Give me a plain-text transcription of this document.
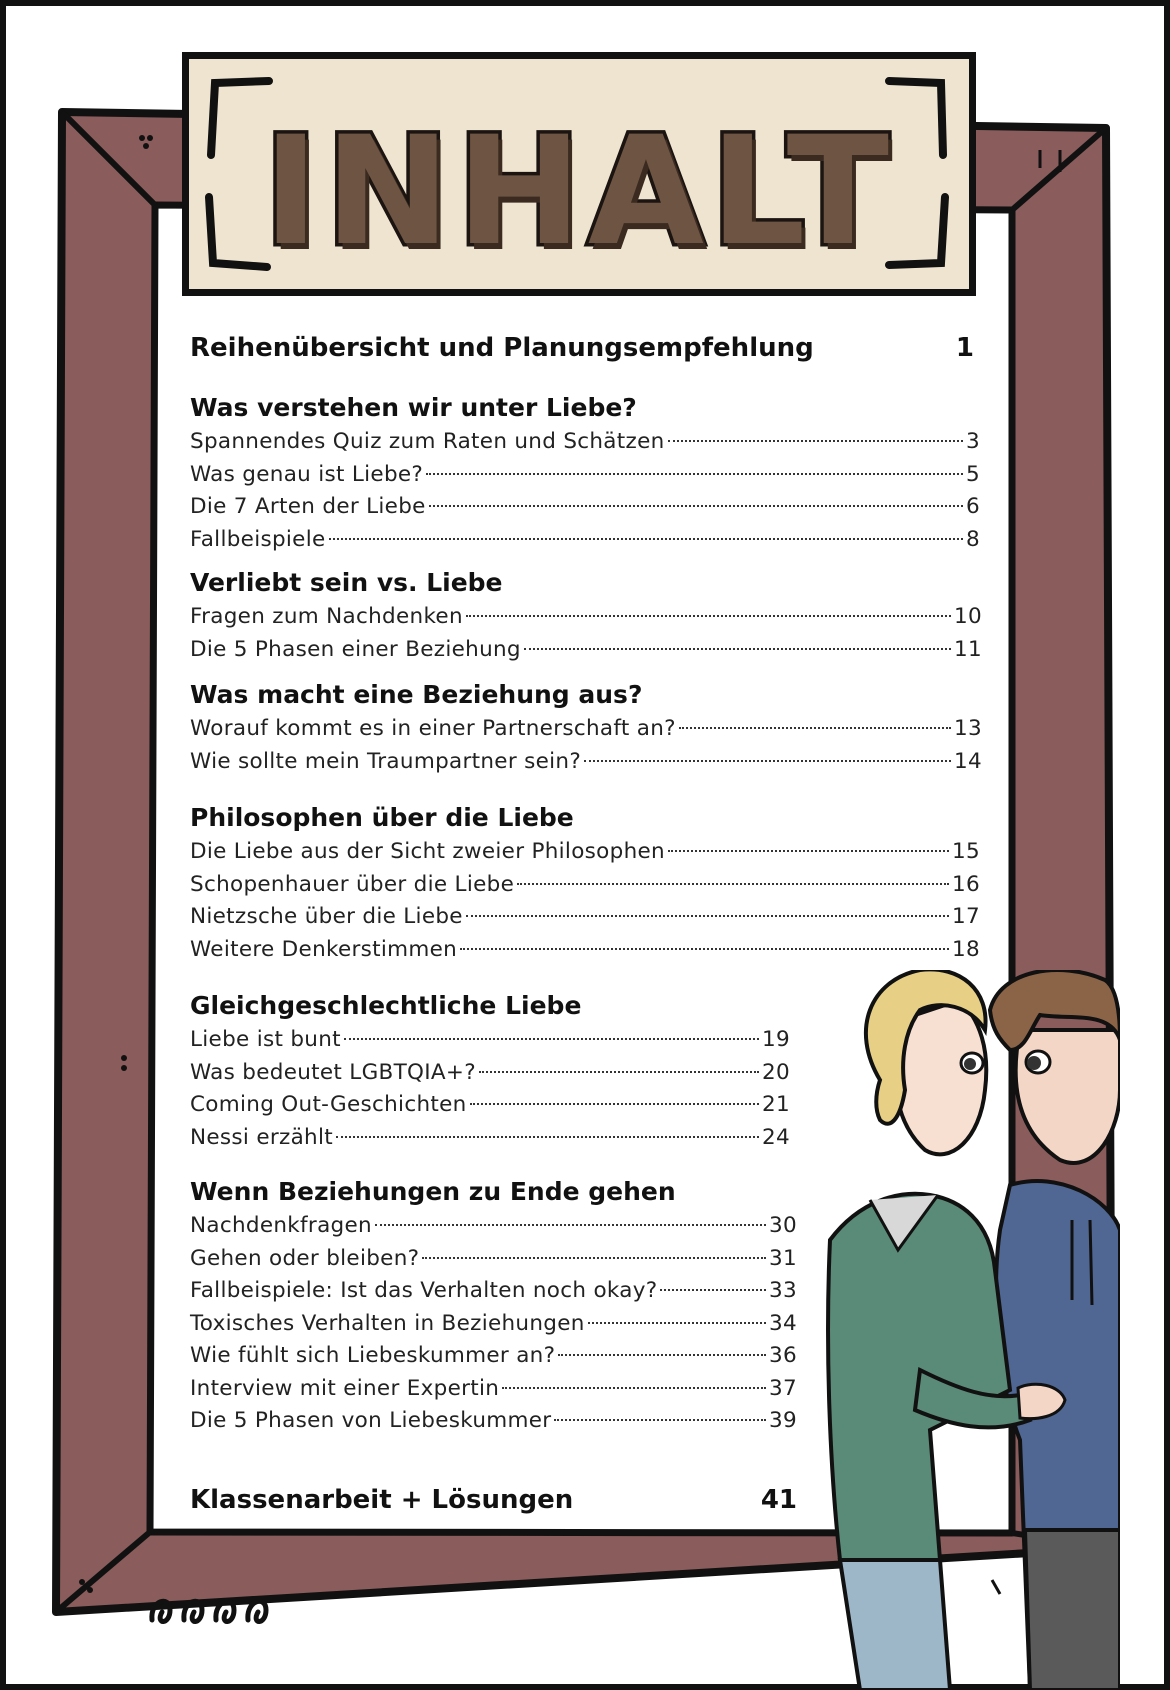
INHALT
Reihenübersicht und Planungsempfehlung	1
Was verstehen wir unter Liebe?
Spannendes Quiz zum Raten und Schätzen	3
Was genau ist Liebe?	5
Die 7 Arten der Liebe	6
Fallbeispiele	8
Verliebt sein vs. Liebe
Fragen zum Nachdenken	10
Die 5 Phasen einer Beziehung	11
Was macht eine Beziehung aus?
Worauf kommt es in einer Partnerschaft an?	13
Wie sollte mein Traumpartner sein?	14
Philosophen über die Liebe
Die Liebe aus der Sicht zweier Philosophen	15
Schopenhauer über die Liebe	16
Nietzsche über die Liebe	17
Weitere Denkerstimmen	18
Gleichgeschlechtliche Liebe
Liebe ist bunt	19
Was bedeutet LGBTQIA+?	20
Coming Out-Geschichten	21
Nessi erzählt	24
Wenn Beziehungen zu Ende gehen
Nachdenkfragen	30
Gehen oder bleiben?	31
Fallbeispiele: Ist das Verhalten noch okay?	33
Toxisches Verhalten in Beziehungen	34
Wie fühlt sich Liebeskummer an?	36
Interview mit einer Expertin	37
Die 5 Phasen von Liebeskummer	39
Klassenarbeit + Lösungen	41
